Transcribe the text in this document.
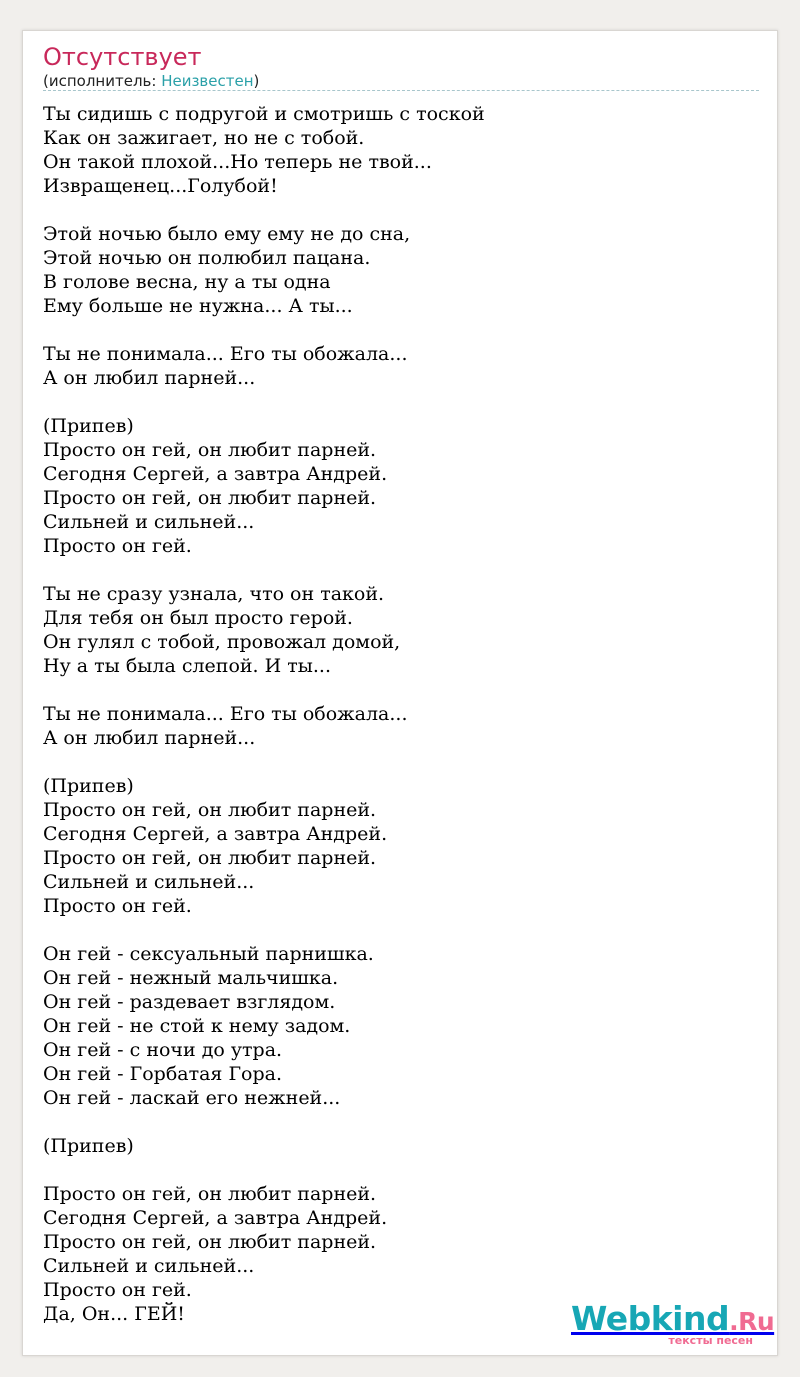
Отсутствует
(исполнитель: Неизвестен)
Ты сидишь с подругой и смотришь с тоской
Как он зажигает, но не с тобой.
Он такой плохой...Но теперь не твой...
Извращенец...Голубой!
Этой ночью было ему ему не до сна,
Этой ночью он полюбил пацана.
В голове весна, ну а ты одна
Ему больше не нужна... А ты...
Ты не понимала... Его ты обожала...
А он любил парней...
(Припев)
Просто он гей, он любит парней.
Сегодня Сергей, а завтра Андрей.
Просто он гей, он любит парней.
Сильней и сильней...
Просто он гей.
Ты не сразу узнала, что он такой.
Для тебя он был просто герой.
Он гулял с тобой, провожал домой,
Ну а ты была слепой. И ты...
Ты не понимала... Его ты обожала...
А он любил парней...
(Припев)
Просто он гей, он любит парней.
Сегодня Сергей, а завтра Андрей.
Просто он гей, он любит парней.
Сильней и сильней...
Просто он гей.
Он гей - сексуальный парнишка.
Он гей - нежный мальчишка.
Он гей - раздевает взглядом.
Он гей - не стой к нему задом.
Он гей - с ночи до утра.
Он гей - Горбатая Гора.
Он гей - ласкай его нежней...
(Припев)
Просто он гей, он любит парней.
Сегодня Сергей, а завтра Андрей.
Просто он гей, он любит парней.
Сильней и сильней...
Просто он гей.
Да, Он... ГЕЙ!	Webkind.Ru
тексты песен
